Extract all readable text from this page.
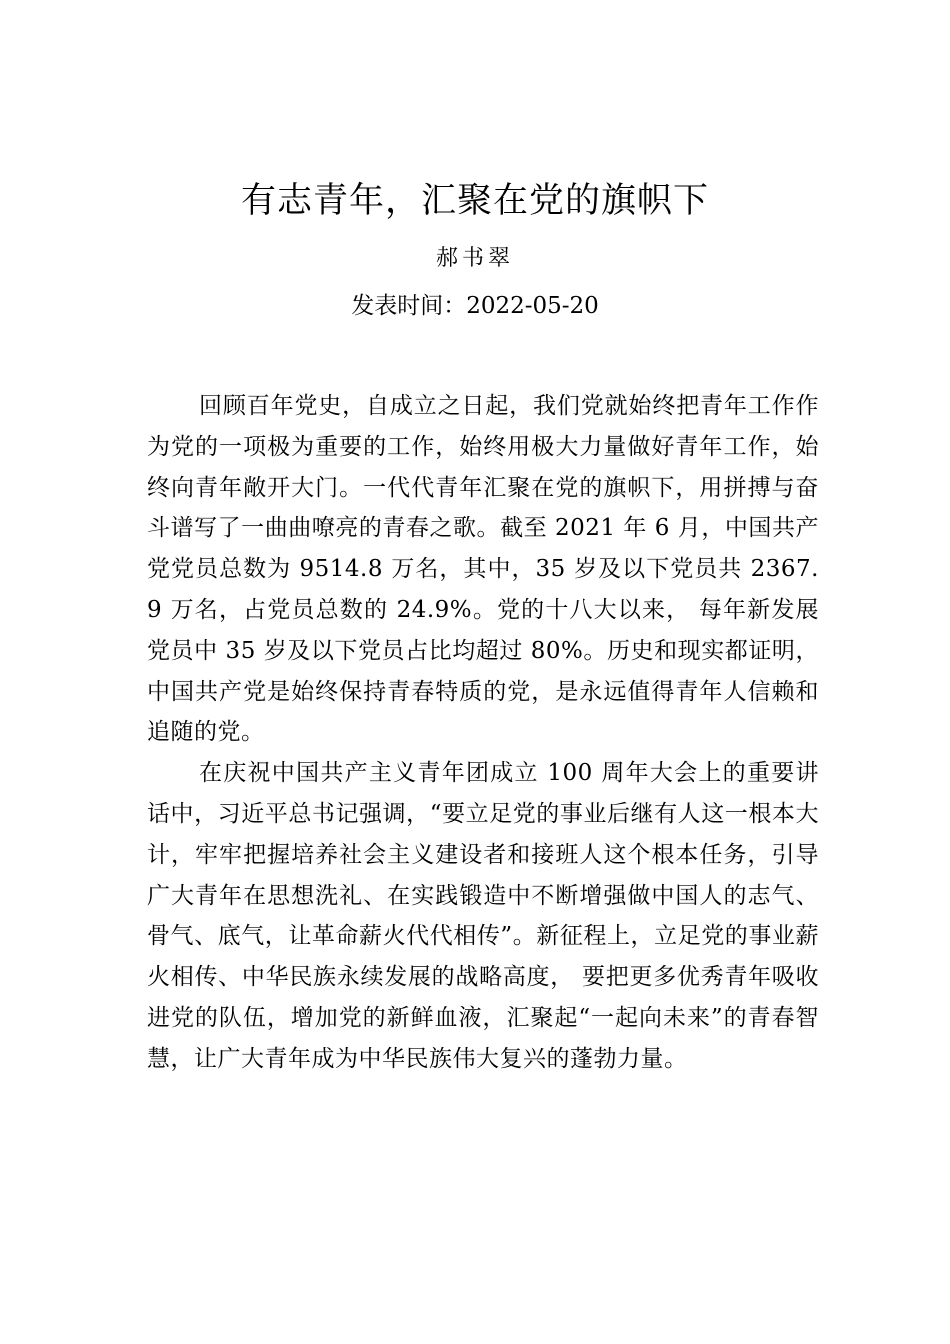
有志青年，汇聚在党的旗帜下
郝书翠
发表时间：2022-05-20

回顾百年党史，自成立之日起，我们党就始终把青年工作作为党的一项极为重要的工作，始终用极大力量做好青年工作，始终向青年敞开大门。一代代青年汇聚在党的旗帜下，用拼搏与奋斗谱写了一曲曲嘹亮的青春之歌。截至 2021 年 6 月，中国共产党党员总数为 9514.8 万名，其中，35 岁及以下党员共 2367.9 万名，占党员总数的 24.9%。党的十八大以来， 每年新发展党员中 35 岁及以下党员占比均超过 80%。历史和现实都证明，中国共产党是始终保持青春特质的党，是永远值得青年人信赖和追随的党。

在庆祝中国共产主义青年团成立 100 周年大会上的重要讲话中，习近平总书记强调，“要立足党的事业后继有人这一根本大计，牢牢把握培养社会主义建设者和接班人这个根本任务，引导广大青年在思想洗礼、在实践锻造中不断增强做中国人的志气、骨气、底气，让革命薪火代代相传”。新征程上，立足党的事业薪火相传、中华民族永续发展的战略高度， 要把更多优秀青年吸收进党的队伍，增加党的新鲜血液，汇聚起“一起向未来”的青春智慧，让广大青年成为中华民族伟大复兴的蓬勃力量。
